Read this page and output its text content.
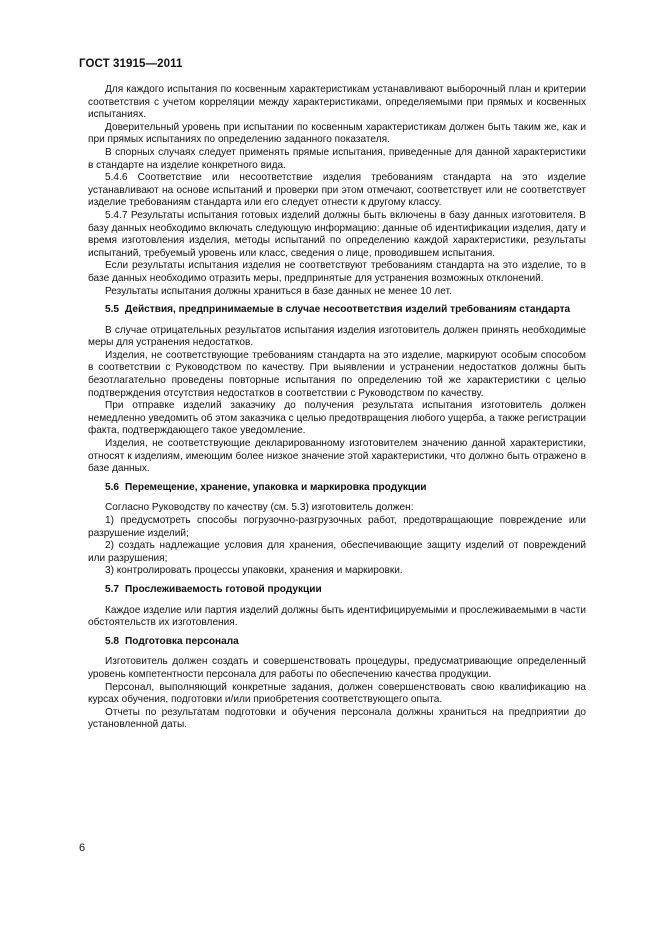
ГОСТ 31915—2011

Для каждого испытания по косвенным характеристикам устанавливают выборочный план и критерии соответствия с учетом корреляции между характеристиками, определяемыми при прямых и косвенных испытаниях.

Доверительный уровень при испытании по косвенным характеристикам должен быть таким же, как и при прямых испытаниях по определению заданного показателя.

В спорных случаях следует применять прямые испытания, приведенные для данной характеристики в стандарте на изделие конкретного вида.

5.4.6 Соответствие или несоответствие изделия требованиям стандарта на это изделие устанавливают на основе испытаний и проверки при этом отмечают, соответствует или не соответствует изделие требованиям стандарта или его следует отнести к другому классу.

5.4.7 Результаты испытания готовых изделий должны быть включены в базу данных изготовителя. В базу данных необходимо включать следующую информацию: данные об идентификации изделия, дату и время изготовления изделия, методы испытаний по определению каждой характеристики, результаты испытаний, требуемый уровень или класс, сведения о лице, проводившем испытания.

Если результаты испытания изделия не соответствуют требованиям стандарта на это изделие, то в базе данных необходимо отразить меры, предпринятые для устранения возможных отклонений.

Результаты испытания должны храниться в базе данных не менее 10 лет.

5.5 Действия, предпринимаемые в случае несоответствия изделий требованиям стандарта

В случае отрицательных результатов испытания изделия изготовитель должен принять необходимые меры для устранения недостатков.

Изделия, не соответствующие требованиям стандарта на это изделие, маркируют особым способом в соответствии с Руководством по качеству. При выявлении и устранении недостатков должны быть безотлагательно проведены повторные испытания по определению той же характеристики с целью подтверждения отсутствия недостатков в соответствии с Руководством по качеству.

При отправке изделий заказчику до получения результата испытания изготовитель должен немедленно уведомить об этом заказчика с целью предотвращения любого ущерба, а также регистрации факта, подтверждающего такое уведомление.

Изделия, не соответствующие декларированному изготовителем значению данной характеристики, относят к изделиям, имеющим более низкое значение этой характеристики, что должно быть отражено в базе данных.

5.6 Перемещение, хранение, упаковка и маркировка продукции

Согласно Руководству по качеству (см. 5.3) изготовитель должен:

1) предусмотреть способы погрузочно-разгрузочных работ, предотвращающие повреждение или разрушение изделий;

2) создать надлежащие условия для хранения, обеспечивающие защиту изделий от повреждений или разрушения;

3) контролировать процессы упаковки, хранения и маркировки.

5.7 Прослеживаемость готовой продукции

Каждое изделие или партия изделий должны быть идентифицируемыми и прослеживаемыми в части обстоятельств их изготовления.

5.8 Подготовка персонала

Изготовитель должен создать и совершенствовать процедуры, предусматривающие определенный уровень компетентности персонала для работы по обеспечению качества продукции.

Персонал, выполняющий конкретные задания, должен совершенствовать свою квалификацию на курсах обучения, подготовки и/или приобретения соответствующего опыта.

Отчеты по результатам подготовки и обучения персонала должны храниться на предприятии до установленной даты.

6
